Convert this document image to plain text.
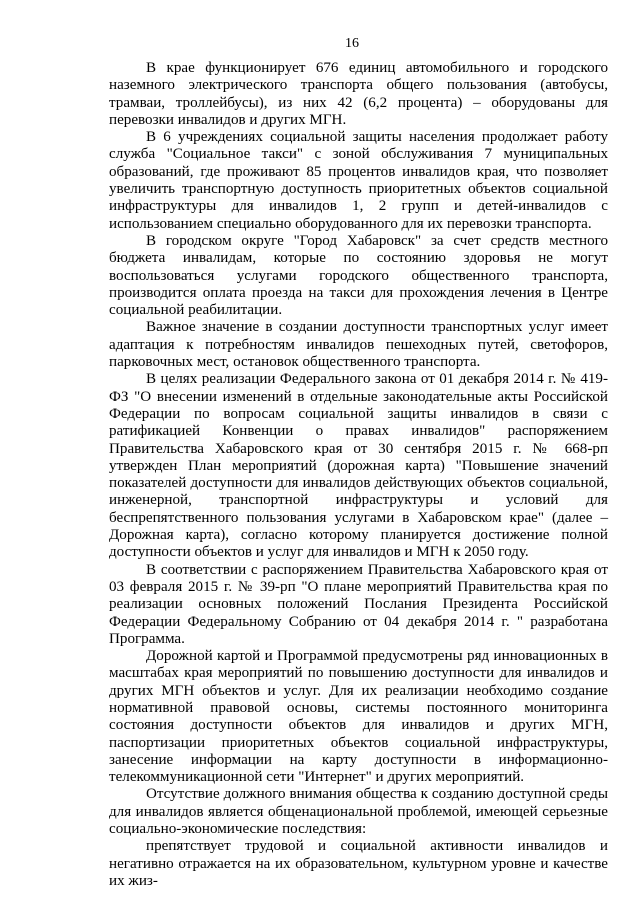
16

В крае функционирует 676 единиц автомобильного и городского наземного электрического транспорта общего пользования (автобусы, трамваи, троллейбусы), из них 42 (6,2 процента) – оборудованы для перевозки инвалидов и других МГН.

В 6 учреждениях социальной защиты населения продолжает работу служба "Социальное такси" с зоной обслуживания 7 муниципальных образований, где проживают 85 процентов инвалидов края, что позволяет увеличить транспортную доступность приоритетных объектов социальной инфраструктуры для инвалидов 1, 2 групп и детей-инвалидов с использованием специально оборудованного для их перевозки транспорта.

В городском округе "Город Хабаровск" за счет средств местного бюджета инвалидам, которые по состоянию здоровья не могут воспользоваться услугами городского общественного транспорта, производится оплата проезда на такси для прохождения лечения в Центре социальной реабилитации.

Важное значение в создании доступности транспортных услуг имеет адаптация к потребностям инвалидов пешеходных путей, светофоров, парковочных мест, остановок общественного транспорта.

В целях реализации Федерального закона от 01 декабря 2014 г. № 419-ФЗ "О внесении изменений в отдельные законодательные акты Российской Федерации по вопросам социальной защиты инвалидов в связи с ратификацией Конвенции о правах инвалидов" распоряжением Правительства Хабаровского края от 30 сентября 2015 г. № 668-рп утвержден План мероприятий (дорожная карта) "Повышение значений показателей доступности для инвалидов действующих объектов социальной, инженерной, транспортной инфраструктуры и условий для беспрепятственного пользования услугами в Хабаровском крае" (далее – Дорожная карта), согласно которому планируется достижение полной доступности объектов и услуг для инвалидов и МГН к 2050 году.

В соответствии с распоряжением Правительства Хабаровского края от 03 февраля 2015 г. № 39-рп "О плане мероприятий Правительства края по реализации основных положений Послания Президента Российской Федерации Федеральному Собранию от 04 декабря 2014 г. " разработана Программа.

Дорожной картой и Программой предусмотрены ряд инновационных в масштабах края мероприятий по повышению доступности для инвалидов и других МГН объектов и услуг. Для их реализации необходимо создание нормативной правовой основы, системы постоянного мониторинга состояния доступности объектов для инвалидов и других МГН, паспортизации приоритетных объектов социальной инфраструктуры, занесение информации на карту доступности в информационно-телекоммуникационной сети "Интернет" и других мероприятий.

Отсутствие должного внимания общества к созданию доступной среды для инвалидов является общенациональной проблемой, имеющей серьезные социально-экономические последствия:

препятствует трудовой и социальной активности инвалидов и негативно отражается на их образовательном, культурном уровне и качестве их жиз-
